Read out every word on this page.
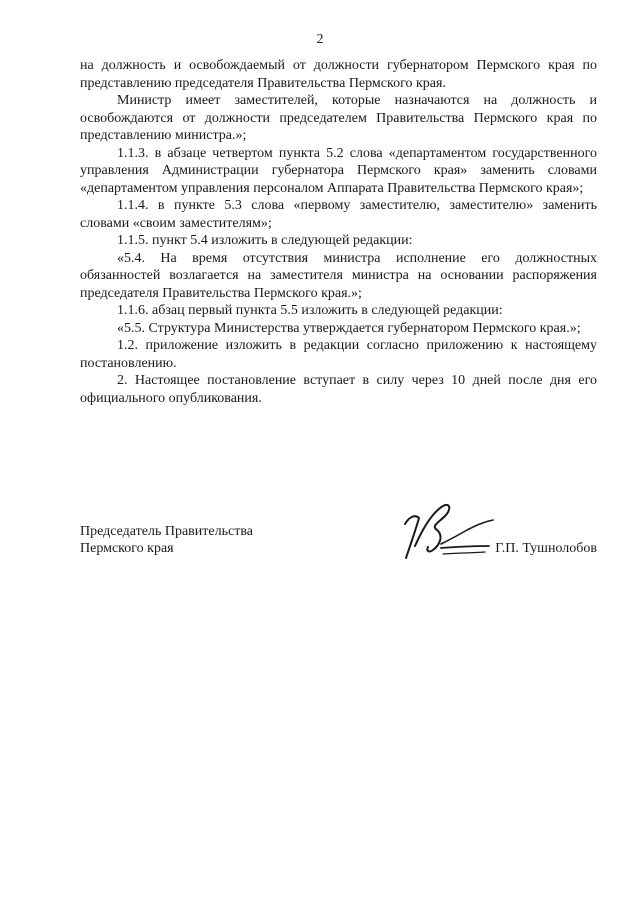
2

на должность и освобождаемый от должности губернатором Пермского края по представлению председателя Правительства Пермского края.

Министр имеет заместителей, которые назначаются на должность и освобождаются от должности председателем Правительства Пермского края по представлению министра.»;

1.1.3. в абзаце четвертом пункта 5.2 слова «департаментом государственного управления Администрации губернатора Пермского края» заменить словами «департаментом управления персоналом Аппарата Правительства Пермского края»;

1.1.4. в пункте 5.3 слова «первому заместителю, заместителю» заменить словами «своим заместителям»;

1.1.5. пункт 5.4 изложить в следующей редакции:

«5.4. На время отсутствия министра исполнение его должностных обязанностей возлагается на заместителя министра на основании распоряжения председателя Правительства Пермского края.»;

1.1.6. абзац первый пункта 5.5 изложить в следующей редакции:

«5.5. Структура Министерства утверждается губернатором Пермского края.»;

1.2. приложение изложить в редакции согласно приложению к настоящему постановлению.

2. Настоящее постановление вступает в силу через 10 дней после дня его официального опубликования.

Председатель Правительства
Пермского края	Г.П. Тушнолобов
